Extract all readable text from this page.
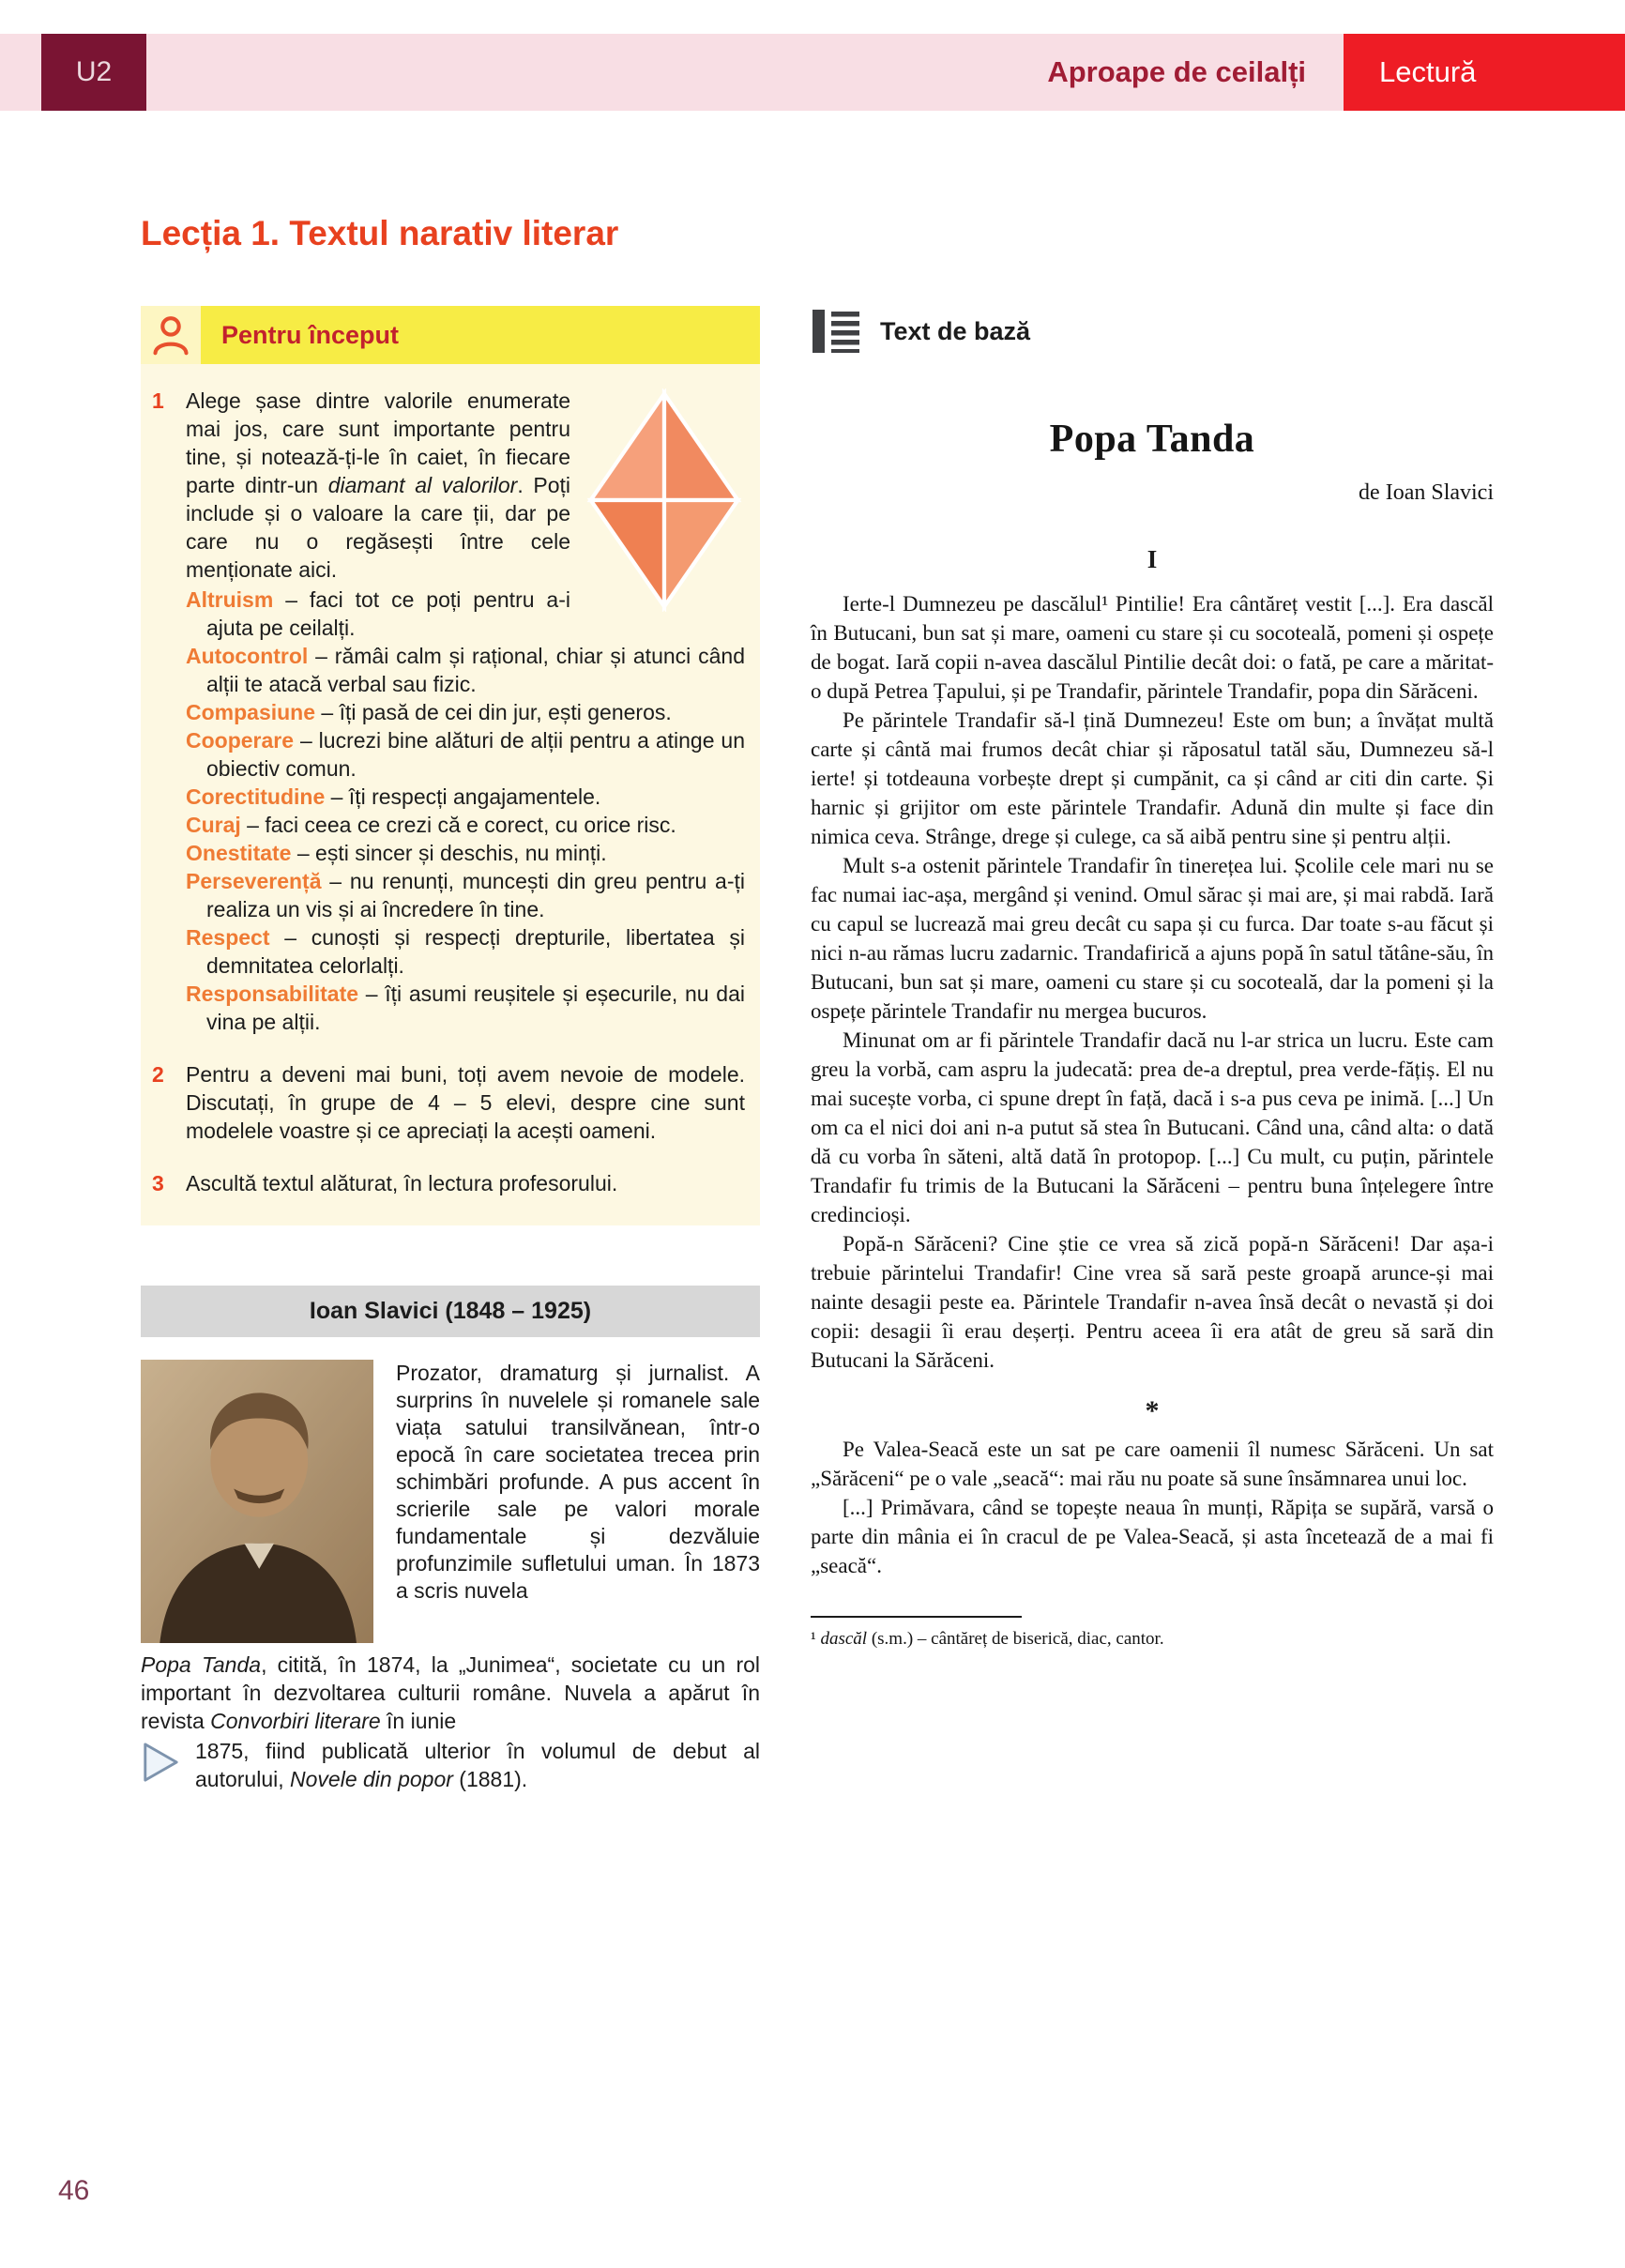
U2	Aproape de ceilalți	Lectură
Lecția 1. Textul narativ literar
Pentru început
1	Alege șase dintre valorile enumerate mai jos, care sunt importante pentru tine, și notează-ți-le în caiet, în fiecare parte dintr-un diamant al valorilor. Poți include și o valoare la care ții, dar pe care nu o regăsești între cele menționate aici.
Altruism – faci tot ce poți pentru a-i ajuta pe ceilalți.
Autocontrol – rămâi calm și rațional, chiar și atunci când alții te atacă verbal sau fizic.
Compasiune – îți pasă de cei din jur, ești generos.
Cooperare – lucrezi bine alături de alții pentru a atinge un obiectiv comun.
Corectitudine – îți respecți angajamentele.
Curaj – faci ceea ce crezi că e corect, cu orice risc.
Onestitate – ești sincer și deschis, nu minți.
Perseverență – nu renunți, muncești din greu pentru a-ți realiza un vis și ai încredere în tine.
Respect – cunoști și respecți drepturile, libertatea și demnitatea celorlalți.
Responsabilitate – îți asumi reușitele și eșecurile, nu dai vina pe alții.
2	Pentru a deveni mai buni, toți avem nevoie de modele. Discutați, în grupe de 4 – 5 elevi, despre cine sunt modelele voastre și ce apreciați la acești oameni.
3	Ascultă textul alăturat, în lectura profesorului.
Ioan Slavici (1848 – 1925)

Prozator, dramaturg și jurnalist. A surprins în nuvelele și romanele sale viața satului transilvănean, într-o epocă în care societatea trecea prin schimbări profunde. A pus accent în scrierile sale pe valori morale fundamentale și dezvăluie profunzimile sufletului uman. În 1873 a scris nuvela

Popa Tanda, citită, în 1874, la „Junimea“, societate cu un rol important în dezvoltarea culturii române. Nuvela a apărut în revista Convorbiri literare în iunie

1875, fiind publicată ulterior în volumul de debut al autorului, Novele din popor (1881).

Text de bază
Popa Tanda
de Ioan Slavici
I

Ierte-l Dumnezeu pe dascălul¹ Pintilie! Era cântăreț vestit [...]. Era dascăl în Butucani, bun sat și mare, oameni cu stare și cu socoteală, pomeni și ospețe de bogat. Iară copii n-avea dascălul Pintilie decât doi: o fată, pe care a măritat-o după Petrea Țapului, și pe Trandafir, părintele Trandafir, popa din Sărăceni.

Pe părintele Trandafir să-l țină Dumnezeu! Este om bun; a învățat multă carte și cântă mai frumos decât chiar și răposatul tatăl său, Dumnezeu să-l ierte! și totdeauna vorbește drept și cumpănit, ca și când ar citi din carte. Și harnic și grijitor om este părintele Trandafir. Adună din multe și face din nimica ceva. Strânge, drege și culege, ca să aibă pentru sine și pentru alții.

Mult s-a ostenit părintele Trandafir în tinerețea lui. Școlile cele mari nu se fac numai iac-așa, mergând și venind. Omul sărac și mai are, și mai rabdă. Iară cu capul se lucrează mai greu decât cu sapa și cu furca. Dar toate s-au făcut și nici n-au rămas lucru zadarnic. Trandafirică a ajuns popă în satul tătâne-său, în Butucani, bun sat și mare, oameni cu stare și cu socoteală, dar la pomeni și la ospețe părintele Trandafir nu mergea bucuros.

Minunat om ar fi părintele Trandafir dacă nu l-ar strica un lucru. Este cam greu la vorbă, cam aspru la judecată: prea de-a dreptul, prea verde-fățiș. El nu mai sucește vorba, ci spune drept în față, dacă i s-a pus ceva pe inimă. [...] Un om ca el nici doi ani n-a putut să stea în Butucani. Când una, când alta: o dată dă cu vorba în săteni, altă dată în protopop. [...] Cu mult, cu puțin, părintele Trandafir fu trimis de la Butucani la Sărăceni – pentru buna înțelegere între credincioși.

Popă-n Sărăceni? Cine știe ce vrea să zică popă-n Sărăceni! Dar așa-i trebuie părintelui Trandafir! Cine vrea să sară peste groapă arunce-și mai nainte desagii peste ea. Părintele Trandafir n-avea însă decât o nevastă și doi copii: desagii îi erau deșerți. Pentru aceea îi era atât de greu să sară din Butucani la Sărăceni.

*

Pe Valea-Seacă este un sat pe care oamenii îl numesc Sărăceni. Un sat „Sărăceni“ pe o vale „seacă“: mai rău nu poate să sune însămnarea unui loc.

[...] Primăvara, când se topește neaua în munți, Răpița se supără, varsă o parte din mânia ei în cracul de pe Valea-Seacă, și asta încetează de a mai fi „seacă“.

¹ dascăl (s.m.) – cântăreț de biserică, diac, cantor.

46
